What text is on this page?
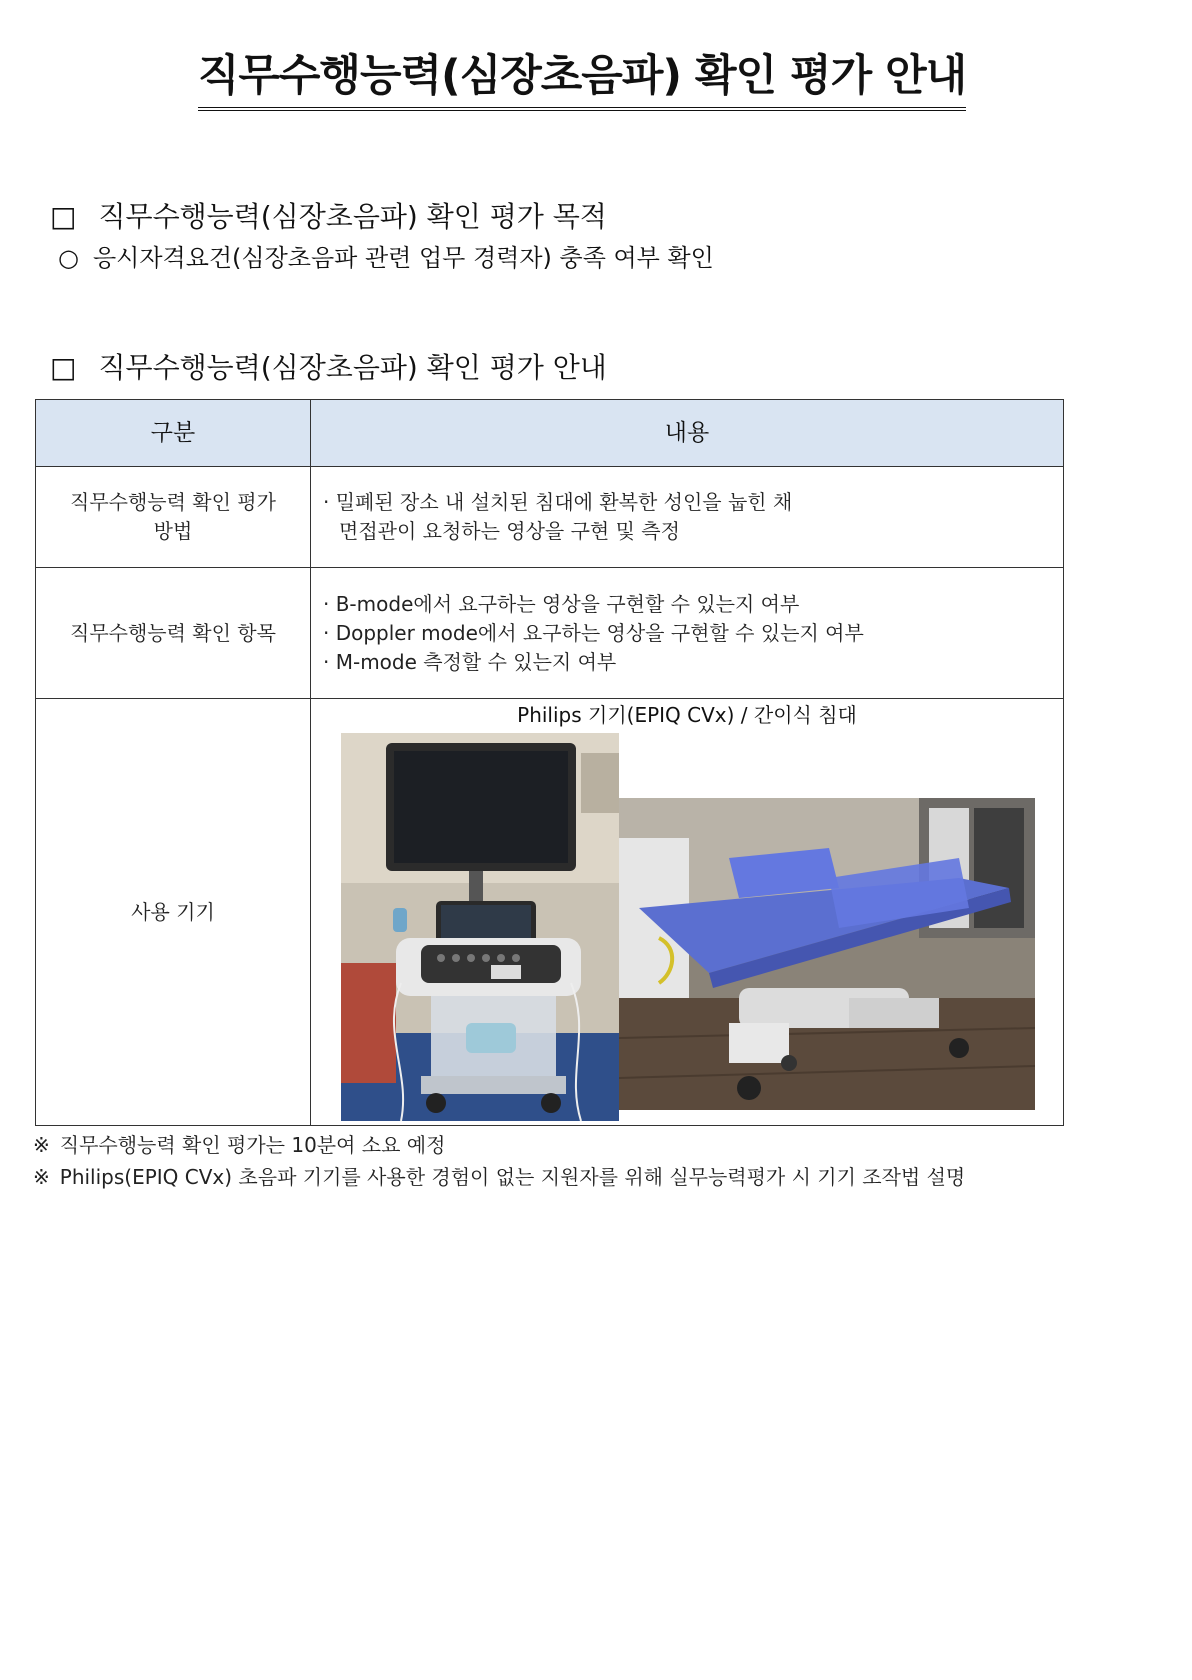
직무수행능력(심장초음파) 확인 평가 안내
□ 직무수행능력(심장초음파) 확인 평가 목적
○ 응시자격요건(심장초음파 관련 업무 경력자) 충족 여부 확인
□ 직무수행능력(심장초음파) 확인 평가 안내
구분	내용

직무수행능력 확인 평가
방법	· 밀폐된 장소 내 설치된 침대에 환복한 성인을 눕힌 채
면접관이 요청하는 영상을 구현 및 측정

직무수행능력 확인 항목	· B-mode에서 요구하는 영상을 구현할 수 있는지 여부
· Doppler mode에서 요구하는 영상을 구현할 수 있는지 여부
· M-mode 측정할 수 있는지 여부

사용 기기	Philips 기기(EPIQ CVx) / 간이식 침대
※ 직무수행능력 확인 평가는 10분여 소요 예정
※ Philips(EPIQ CVx) 초음파 기기를 사용한 경험이 없는 지원자를 위해 실무능력평가 시 기기 조작법 설명
